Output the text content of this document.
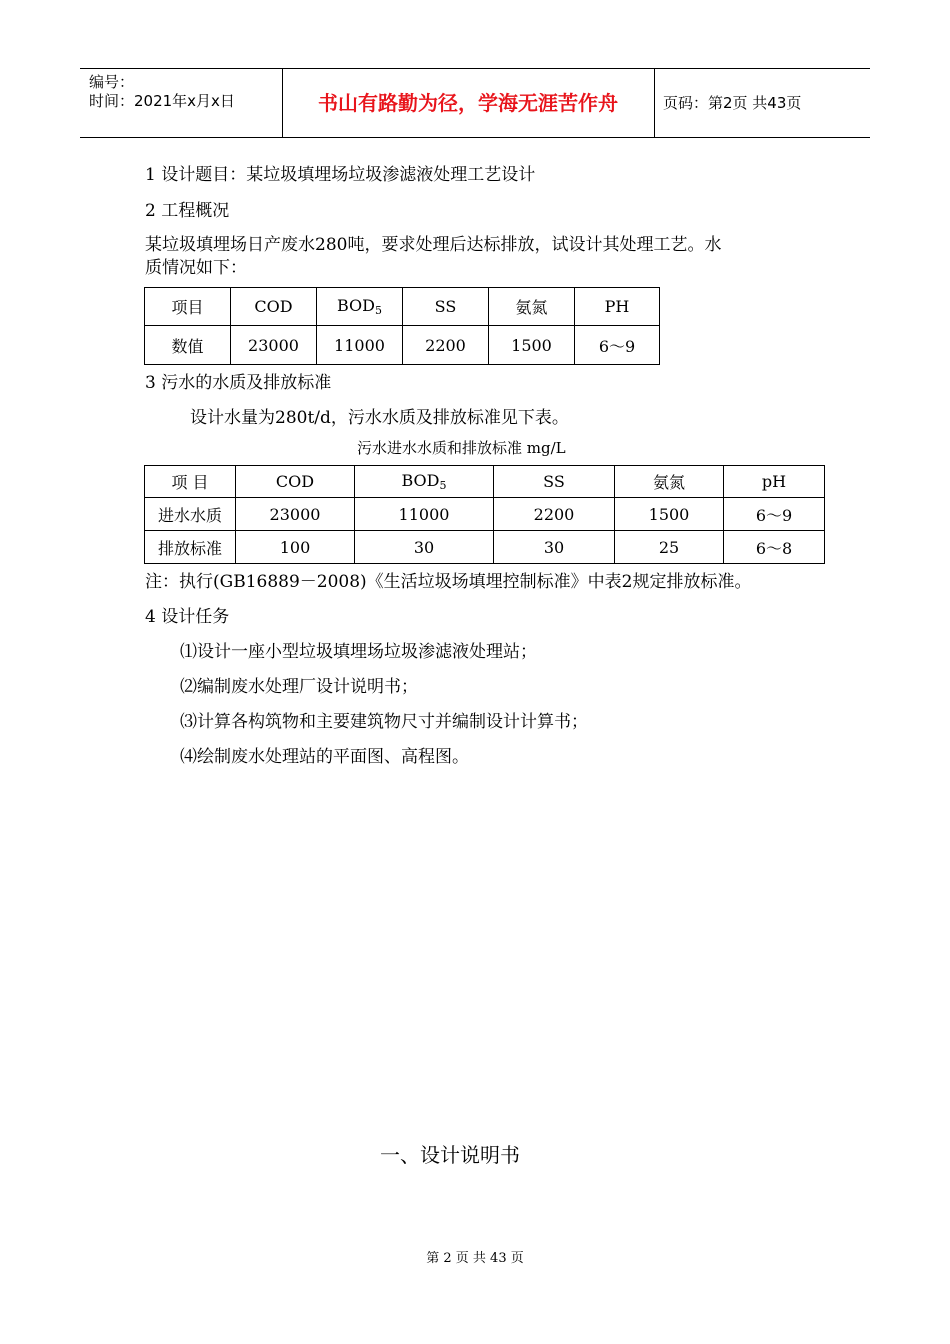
编号：
时间：2021年x月x日	书山有路勤为径，学海无涯苦作舟	页码：第2页 共43页
1 设计题目：某垃圾填埋场垃圾渗滤液处理工艺设计
2 工程概况
某垃圾填埋场日产废水280吨，要求处理后达标排放，试设计其处理工艺。水
质情况如下：
项目	COD	BOD5	SS	氨氮	PH
数值	23000	11000	2200	1500	6～9
3 污水的水质及排放标准
设计水量为280t/d，污水水质及排放标准见下表。
污水进水水质和排放标准 mg/L
项 目	COD	BOD5	SS	氨氮	pH
进水水质	23000	11000	2200	1500	6～9
排放标准	100	30	30	25	6～8
注：执行(GB16889－2008)《生活垃圾场填埋控制标准》中表2规定排放标准。
4 设计任务
⑴设计一座小型垃圾填埋场垃圾渗滤液处理站；
⑵编制废水处理厂设计说明书；
⑶计算各构筑物和主要建筑物尺寸并编制设计计算书；
⑷绘制废水处理站的平面图、高程图。
一、设计说明书
第 2 页 共 43 页
